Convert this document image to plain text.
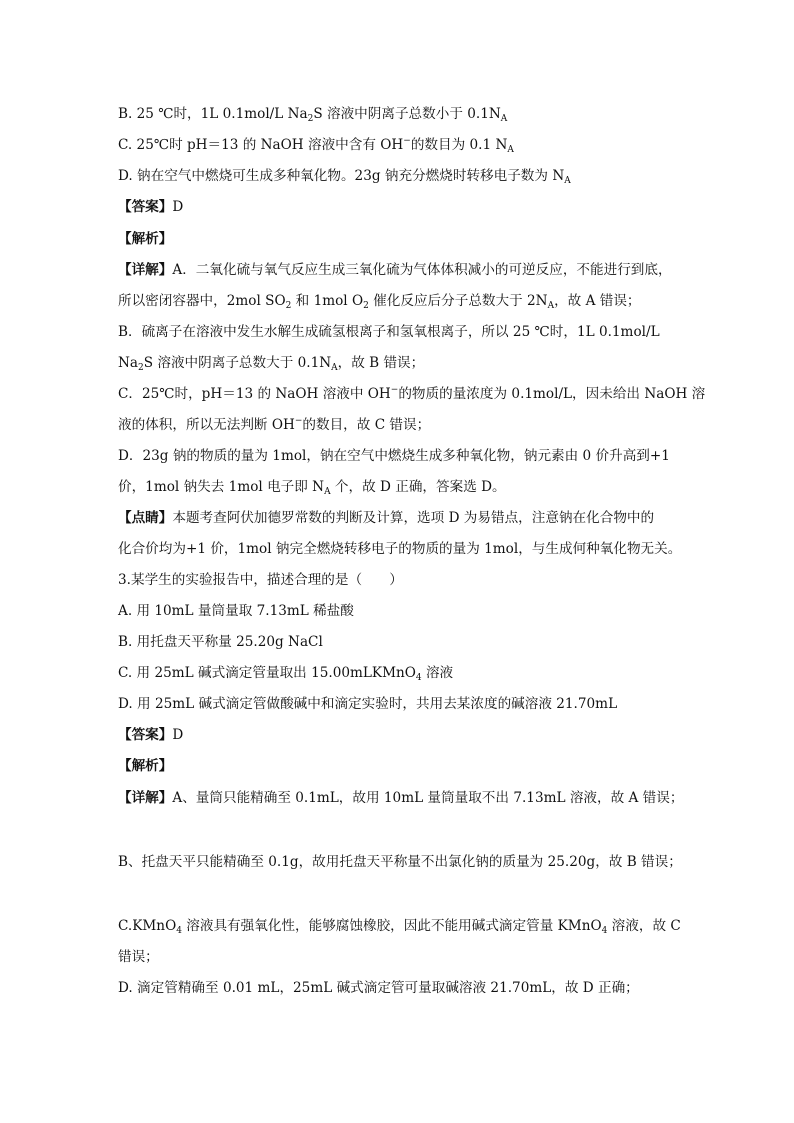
B. 25 ℃时，1L 0.1mol/L $Na_2S$ 溶液中阴离子总数小于 $0.1N_A$
C. 25℃时 pH＝13 的 NaOH 溶液中含有 OH−的数目为 0.1 $N_A$
D. 钠在空气中燃烧可生成多种氧化物。23g 钠充分燃烧时转移电子数为 $N_A$
【答案】D
【解析】
【详解】A．二氧化硫与氧气反应生成三氧化硫为气体体积减小的可逆反应，不能进行到底，
所以密闭容器中，2mol $SO_2$ 和 1mol $O_2$ 催化反应后分子总数大于 $2N_A$，故 A 错误；
B．硫离子在溶液中发生水解生成硫氢根离子和氢氧根离子，所以 25 ℃时，1L 0.1mol/L
$Na_2S$ 溶液中阴离子总数大于 $0.1N_A$，故 B 错误；
C．25℃时，pH＝13 的 NaOH 溶液中 OH−的物质的量浓度为 0.1mol/L，因未给出 NaOH 溶
液的体积，所以无法判断 OH−的数目，故 C 错误；
D．23g 钠的物质的量为 1mol，钠在空气中燃烧生成多种氧化物，钠元素由 0 价升高到+1
价，1mol 钠失去 1mol 电子即 $N_A$ 个，故 D 正确，答案选 D。
【点睛】本题考查阿伏加德罗常数的判断及计算，选项 D 为易错点，注意钠在化合物中的
化合价均为+1 价，1mol 钠完全燃烧转移电子的物质的量为 1mol，与生成何种氧化物无关。
3.某学生的实验报告中，描述合理的是（　　）
A. 用 10mL 量筒量取 7.13mL 稀盐酸
B. 用托盘天平称量 25.20g NaCl
C. 用 25mL 碱式滴定管量取出 15.00mLKMnO$_4$ 溶液
D. 用 25mL 碱式滴定管做酸碱中和滴定实验时，共用去某浓度的碱溶液 21.70mL
【答案】D
【解析】
【详解】A、量筒只能精确至 0.1mL，故用 10mL 量筒量取不出 7.13mL 溶液，故 A 错误；
B、托盘天平只能精确至 0.1g，故用托盘天平称量不出氯化钠的质量为 25.20g，故 B 错误；
C.KMnO$_4$ 溶液具有强氧化性，能够腐蚀橡胶，因此不能用碱式滴定管量 KMnO$_4$ 溶液，故 C
错误；
D. 滴定管精确至 0.01 mL，25mL 碱式滴定管可量取碱溶液 21.70mL，故 D 正确；
